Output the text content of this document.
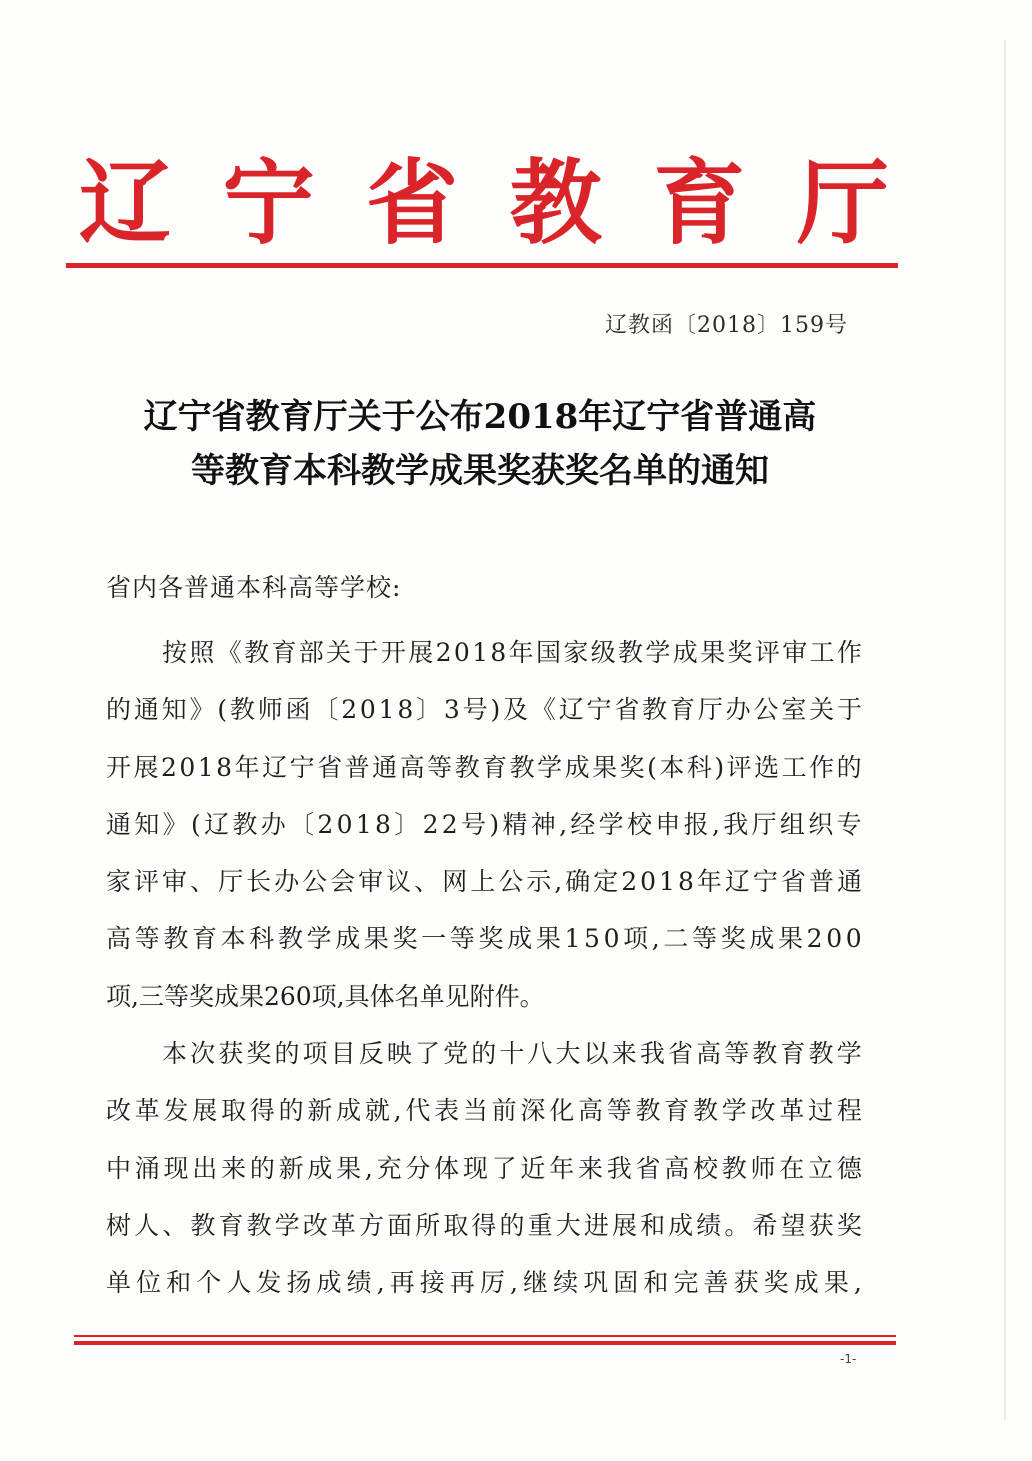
辽 宁 省 教 育 厅
辽教函〔2018〕159号
辽宁省教育厅关于公布2018年辽宁省普通高
等教育本科教学成果奖获奖名单的通知
省内各普通本科高等学校:
按 照 《 教 育 部 关 于 开 展 2 0 1 8 年 国 家 级 教 学 成 果 奖 评 审 工 作
的 通 知 》 ( 教 师 函 〔 2 0 1 8 〕 3 号 ) 及 《 辽 宁 省 教 育 厅 办 公 室 关 于
开 展 2 0 1 8 年 辽 宁 省 普 通 高 等 教 育 教 学 成 果 奖 ( 本 科 ) 评 选 工 作 的
通 知 》 ( 辽 教 办 〔 2 0 1 8 〕 2 2 号 ) 精 神 , 经 学 校 申 报 , 我 厅 组 织 专
家 评 审 、 厅 长 办 公 会 审 议 、 网 上 公 示 , 确 定 2 0 1 8 年 辽 宁 省 普 通
高 等 教 育 本 科 教 学 成 果 奖 一 等 奖 成 果 1 5 0 项 , 二 等 奖 成 果 2 0 0
项,三等奖成果260项,具体名单见附件。
本 次 获 奖 的 项 目 反 映 了 党 的 十 八 大 以 来 我 省 高 等 教 育 教 学
改 革 发 展 取 得 的 新 成 就 , 代 表 当 前 深 化 高 等 教 育 教 学 改 革 过 程
中 涌 现 出 来 的 新 成 果 , 充 分 体 现 了 近 年 来 我 省 高 校 教 师 在 立 德
树 人 、 教 育 教 学 改 革 方 面 所 取 得 的 重 大 进 展 和 成 绩 。 希 望 获 奖
单 位 和 个 人 发 扬 成 绩 , 再 接 再 厉 , 继 续 巩 固 和 完 善 获 奖 成 果 ,
-1-
